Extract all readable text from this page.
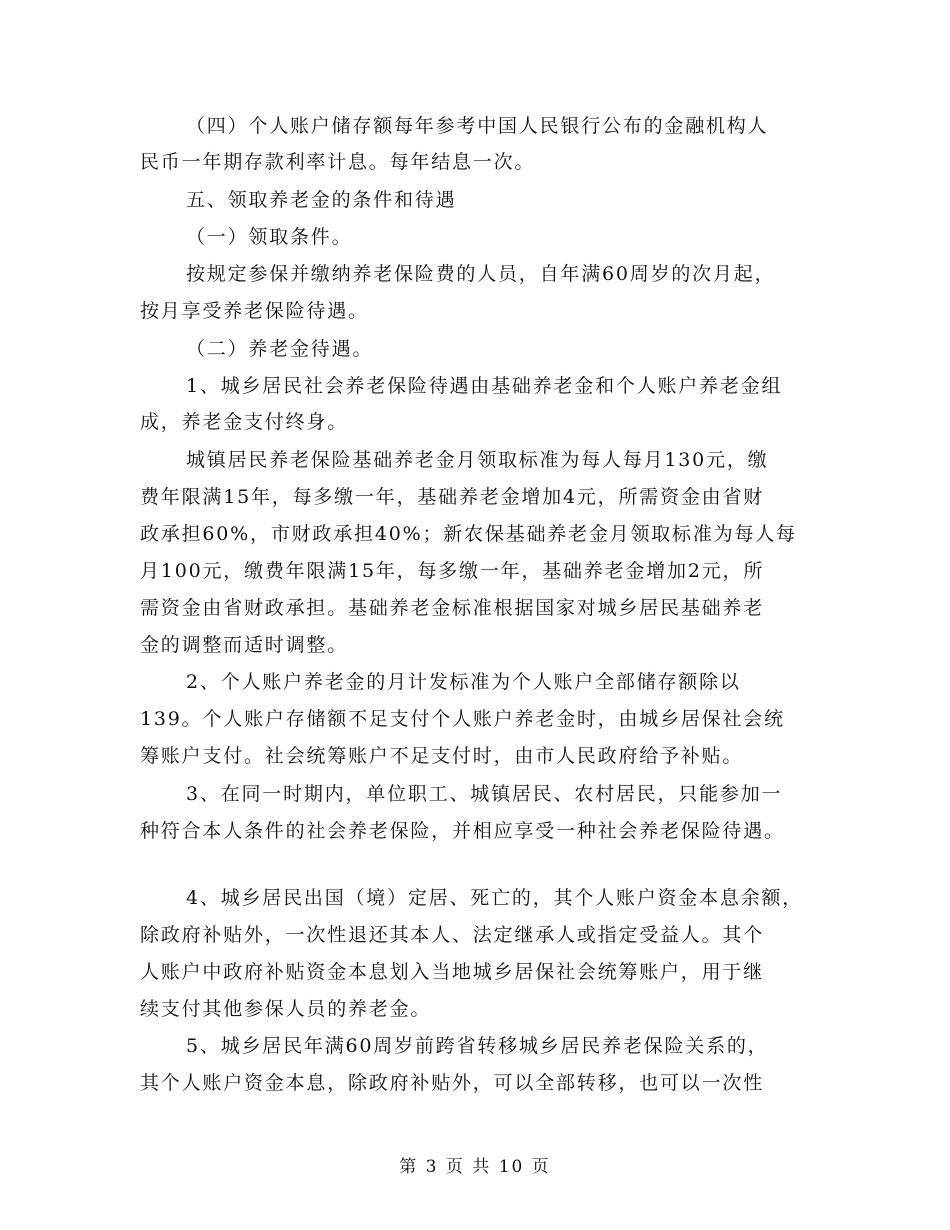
（四）个人账户储存额每年参考中国人民银行公布的金融机构人
民币一年期存款利率计息。每年结息一次。
五、领取养老金的条件和待遇
（一）领取条件。
按规定参保并缴纳养老保险费的人员，自年满60周岁的次月起，
按月享受养老保险待遇。
（二）养老金待遇。
1、城乡居民社会养老保险待遇由基础养老金和个人账户养老金组
成，养老金支付终身。
城镇居民养老保险基础养老金月领取标准为每人每月130元，缴
费年限满15年，每多缴一年，基础养老金增加4元，所需资金由省财
政承担60%，市财政承担40%；新农保基础养老金月领取标准为每人每
月100元，缴费年限满15年，每多缴一年，基础养老金增加2元，所
需资金由省财政承担。基础养老金标准根据国家对城乡居民基础养老
金的调整而适时调整。
2、个人账户养老金的月计发标准为个人账户全部储存额除以
139。个人账户存储额不足支付个人账户养老金时，由城乡居保社会统
筹账户支付。社会统筹账户不足支付时，由市人民政府给予补贴。
3、在同一时期内，单位职工、城镇居民、农村居民，只能参加一
种符合本人条件的社会养老保险，并相应享受一种社会养老保险待遇。
4、城乡居民出国（境）定居、死亡的，其个人账户资金本息余额，
除政府补贴外，一次性退还其本人、法定继承人或指定受益人。其个
人账户中政府补贴资金本息划入当地城乡居保社会统筹账户，用于继
续支付其他参保人员的养老金。
5、城乡居民年满60周岁前跨省转移城乡居民养老保险关系的，
其个人账户资金本息，除政府补贴外，可以全部转移，也可以一次性
第 3 页 共 10 页
